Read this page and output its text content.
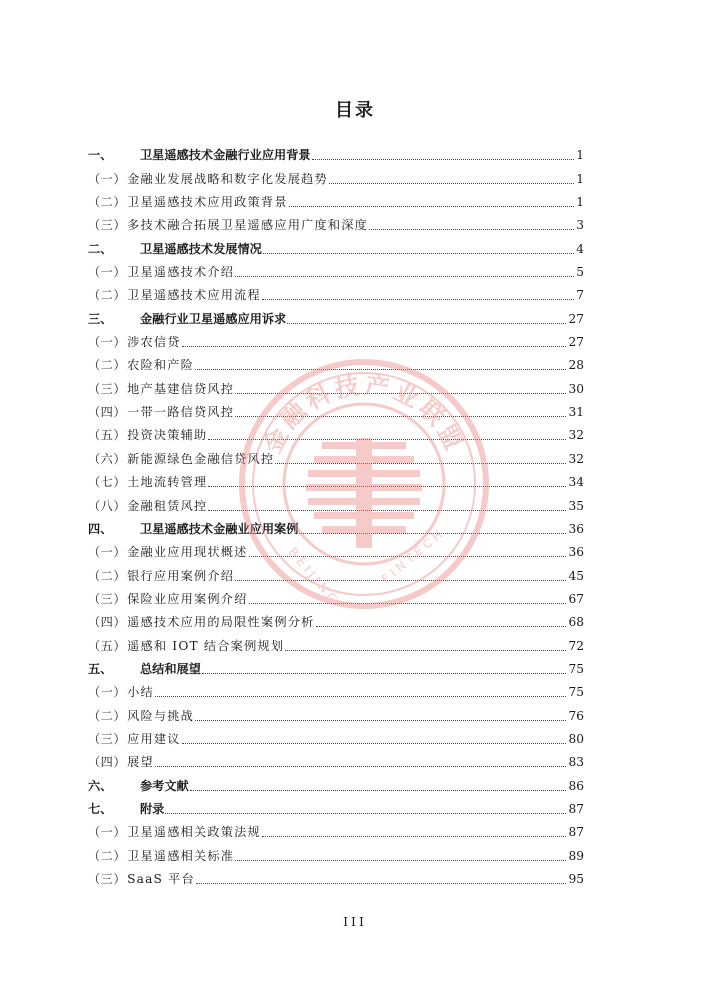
目录
一、	卫星遥感技术金融行业应用背景	1
（一） 金融业发展战略和数字化发展趋势	1
（二） 卫星遥感技术应用政策背景	1
（三） 多技术融合拓展卫星遥感应用广度和深度	3
二、	卫星遥感技术发展情况	4
（一） 卫星遥感技术介绍	5
（二） 卫星遥感技术应用流程	7
三、	金融行业卫星遥感应用诉求	27
（一） 涉农信贷	27
（二） 农险和产险	28
（三） 地产基建信贷风控	30
（四） 一带一路信贷风控	31
（五） 投资决策辅助	32
（六） 新能源绿色金融信贷风控	32
（七） 土地流转管理	34
（八） 金融租赁风控	35
四、	卫星遥感技术金融业应用案例	36
（一） 金融业应用现状概述	36
（二） 银行应用案例介绍	45
（三） 保险业应用案例介绍	67
（四） 遥感技术应用的局限性案例分析	68
（五） 遥感和 IOT 结合案例规划	72
五、	总结和展望	75
（一） 小结	75
（二） 风险与挑战	76
（三） 应用建议	80
（四） 展望	83
六、	参考文献	86
七、	附录	87
（一） 卫星遥感相关政策法规	87
（二） 卫星遥感相关标准	89
（三） SaaS 平台	95
金融科技产业联盟
B E I J I N G	F I N T E C H
III
